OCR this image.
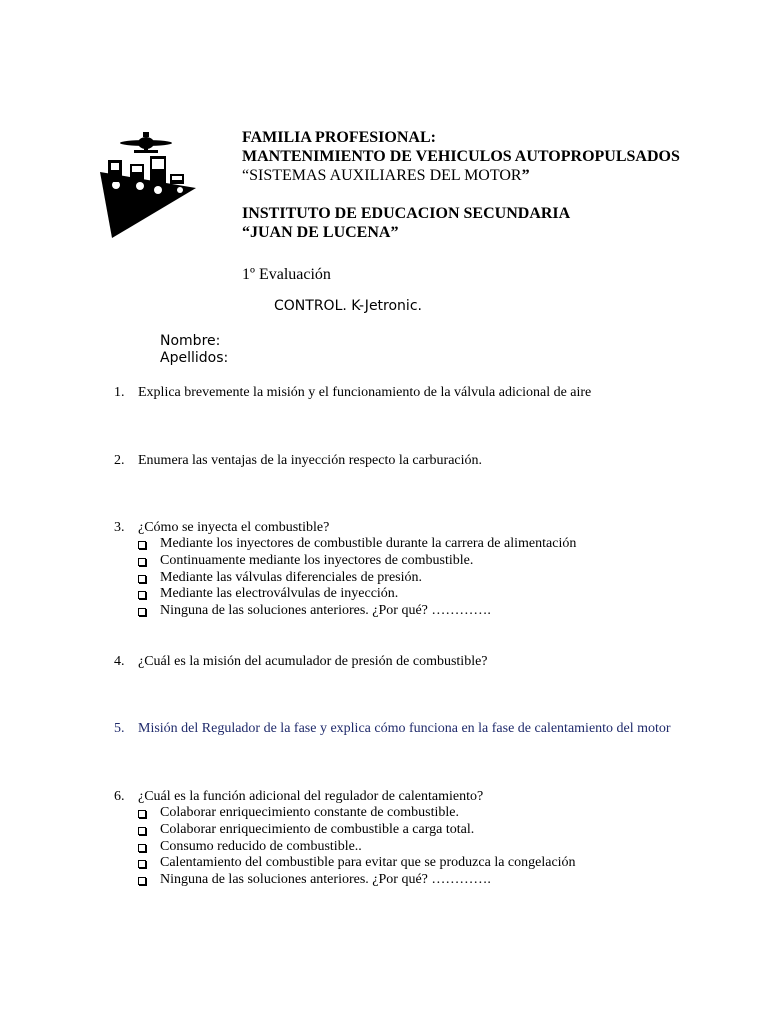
FAMILIA PROFESIONAL:
MANTENIMIENTO DE VEHICULOS AUTOPROPULSADOS
“SISTEMAS AUXILIARES DEL MOTOR”
INSTITUTO DE EDUCACION SECUNDARIA
“JUAN DE LUCENA”
1º Evaluación
CONTROL. K-Jetronic.
Nombre:
Apellidos:
1. Explica brevemente la misión y el funcionamiento de la válvula adicional de aire
2. Enumera las ventajas de la inyección respecto la carburación.
3. ¿Cómo se inyecta el combustible?
Mediante los inyectores de combustible durante la carrera de alimentación
Continuamente mediante los inyectores de combustible.
Mediante las válvulas diferenciales de presión.
Mediante las electroválvulas de inyección.
Ninguna de las soluciones anteriores. ¿Por qué? ………….
4. ¿Cuál es la misión del acumulador de presión de combustible?
5. Misión del Regulador de la fase y explica cómo funciona en la fase de calentamiento del motor
6. ¿Cuál es la función adicional del regulador de calentamiento?
Colaborar enriquecimiento constante de combustible.
Colaborar enriquecimiento de combustible a carga total.
Consumo reducido de combustible..
Calentamiento del combustible para evitar que se produzca la congelación
Ninguna de las soluciones anteriores. ¿Por qué? ………….
